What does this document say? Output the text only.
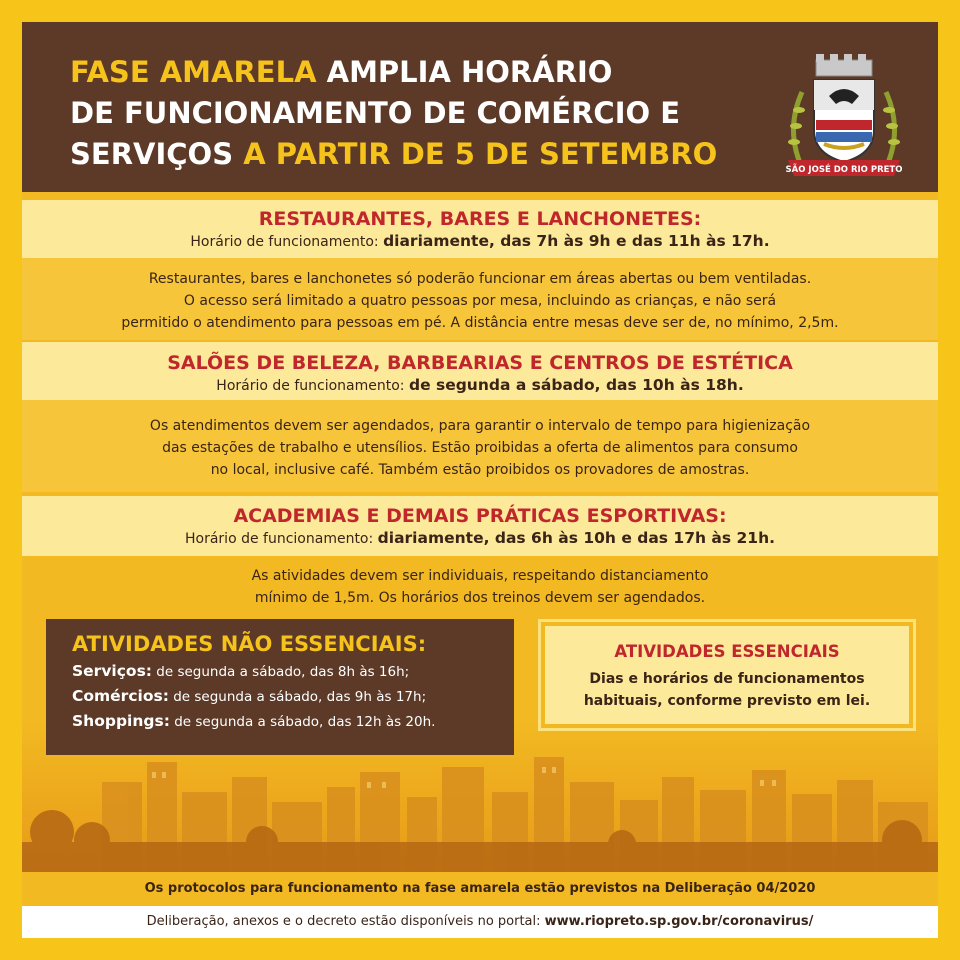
FASE AMARELA AMPLIA HORÁRIO
DE FUNCIONAMENTO DE COMÉRCIO E
SERVIÇOS A PARTIR DE 5 DE SETEMBRO	SÃO JOSÉ DO RIO PRETO
RESTAURANTES, BARES E LANCHONETES:
Horário de funcionamento: diariamente, das 7h às 9h e das 11h às 17h.
Restaurantes, bares e lanchonetes só poderão funcionar em áreas abertas ou bem ventiladas.
O acesso será limitado a quatro pessoas por mesa, incluindo as crianças, e não será
permitido o atendimento para pessoas em pé. A distância entre mesas deve ser de, no mínimo, 2,5m.
SALÕES DE BELEZA, BARBEARIAS E CENTROS DE ESTÉTICA
Horário de funcionamento: de segunda a sábado, das 10h às 18h.
Os atendimentos devem ser agendados, para garantir o intervalo de tempo para higienização
das estações de trabalho e utensílios. Estão proibidas a oferta de alimentos para consumo
no local, inclusive café. Também estão proibidos os provadores de amostras.
ACADEMIAS E DEMAIS PRÁTICAS ESPORTIVAS:
Horário de funcionamento: diariamente, das 6h às 10h e das 17h às 21h.
As atividades devem ser individuais, respeitando distanciamento
mínimo de 1,5m. Os horários dos treinos devem ser agendados.
ATIVIDADES NÃO ESSENCIAIS:
Serviços: de segunda a sábado, das 8h às 16h;
Comércios: de segunda a sábado, das 9h às 17h;
Shoppings: de segunda a sábado, das 12h às 20h.
ATIVIDADES ESSENCIAIS
Dias e horários de funcionamentos
habituais, conforme previsto em lei.
Os protocolos para funcionamento na fase amarela estão previstos na Deliberação 04/2020
Deliberação, anexos e o decreto estão disponíveis no portal: www.riopreto.sp.gov.br/coronavirus/
